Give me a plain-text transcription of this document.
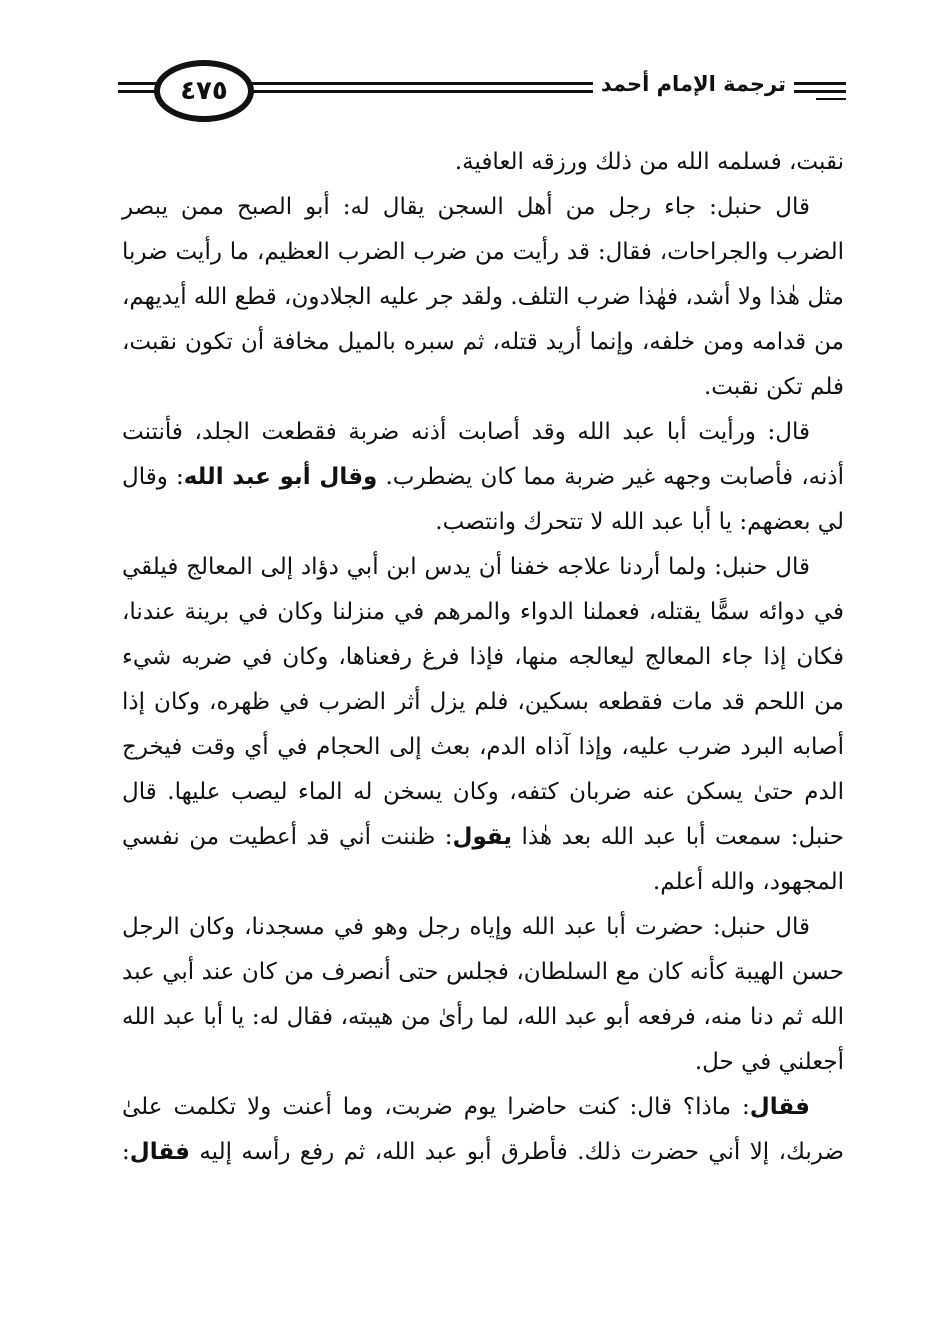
٤٧٥	ترجمة الإمام أحمد

نقبت، فسلمه الله من ذلك ورزقه العافية.

قال حنبل: جاء رجل من أهل السجن يقال له: أبو الصبح ممن يبصر الضرب والجراحات، فقال: قد رأيت من ضرب الضرب العظيم، ما رأيت ضربا مثل هٰذا ولا أشد، فهٰذا ضرب التلف. ولقد جر عليه الجلادون، قطع الله أيديهم، من قدامه ومن خلفه، وإنما أريد قتله، ثم سبره بالميل مخافة أن تكون نقبت، فلم تكن نقبت.

قال: ورأيت أبا عبد الله وقد أصابت أذنه ضربة فقطعت الجلد، فأنتنت أذنه، فأصابت وجهه غير ضربة مما كان يضطرب. وقال أبو عبد الله: وقال لي بعضهم: يا أبا عبد الله لا تتحرك وانتصب.

قال حنبل: ولما أردنا علاجه خفنا أن يدس ابن أبي دؤاد إلى المعالج فيلقي في دوائه سمًّا يقتله، فعملنا الدواء والمرهم في منزلنا وكان في برينة عندنا، فكان إذا جاء المعالج ليعالجه منها، فإذا فرغ رفعناها، وكان في ضربه شيء من اللحم قد مات فقطعه بسكين، فلم يزل أثر الضرب في ظهره، وكان إذا أصابه البرد ضرب عليه، وإذا آذاه الدم، بعث إلى الحجام في أي وقت فيخرج الدم حتىٰ يسكن عنه ضربان كتفه، وكان يسخن له الماء ليصب عليها. قال حنبل: سمعت أبا عبد الله بعد هٰذا يقول: ظننت أني قد أعطيت من نفسي المجهود، والله أعلم.

قال حنبل: حضرت أبا عبد الله وإياه رجل وهو في مسجدنا، وكان الرجل حسن الهيبة كأنه كان مع السلطان، فجلس حتى أنصرف من كان عند أبي عبد الله ثم دنا منه، فرفعه أبو عبد الله، لما رأىٰ من هيبته، فقال له: يا أبا عبد الله أجعلني في حل.

فقال: ماذا؟ قال: كنت حاضرا يوم ضربت، وما أعنت ولا تكلمت علىٰ ضربك، إلا أني حضرت ذلك. فأطرق أبو عبد الله، ثم رفع رأسه إليه فقال:
